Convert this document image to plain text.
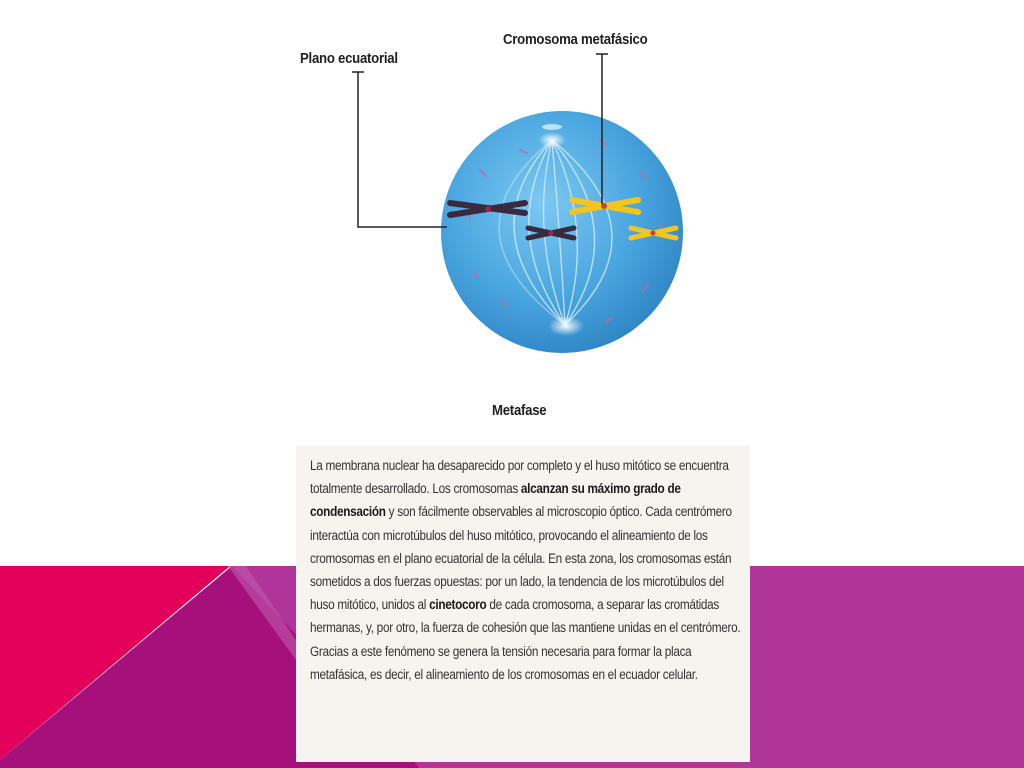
Plano ecuatorial
Cromosoma metafásico
Metafase

La membrana nuclear ha desaparecido por completo y el huso mitótico se encuentra totalmente desarrollado. Los cromosomas alcanzan su máximo grado de condensación y son fácilmente observables al microscopio óptico. Cada centrómero interactúa con microtúbulos del huso mitótico, provocando el alineamiento de los cromosomas en el plano ecuatorial de la célula. En esta zona, los cromosomas están sometidos a dos fuerzas opuestas: por un lado, la tendencia de los microtúbulos del huso mitótico, unidos al cinetocoro de cada cromosoma, a separar las cromátidas hermanas, y, por otro, la fuerza de cohesión que las mantiene unidas en el centrómero. Gracias a este fenómeno se genera la tensión necesaria para formar la placa metafásica, es decir, el alineamiento de los cromosomas en el ecuador celular.
